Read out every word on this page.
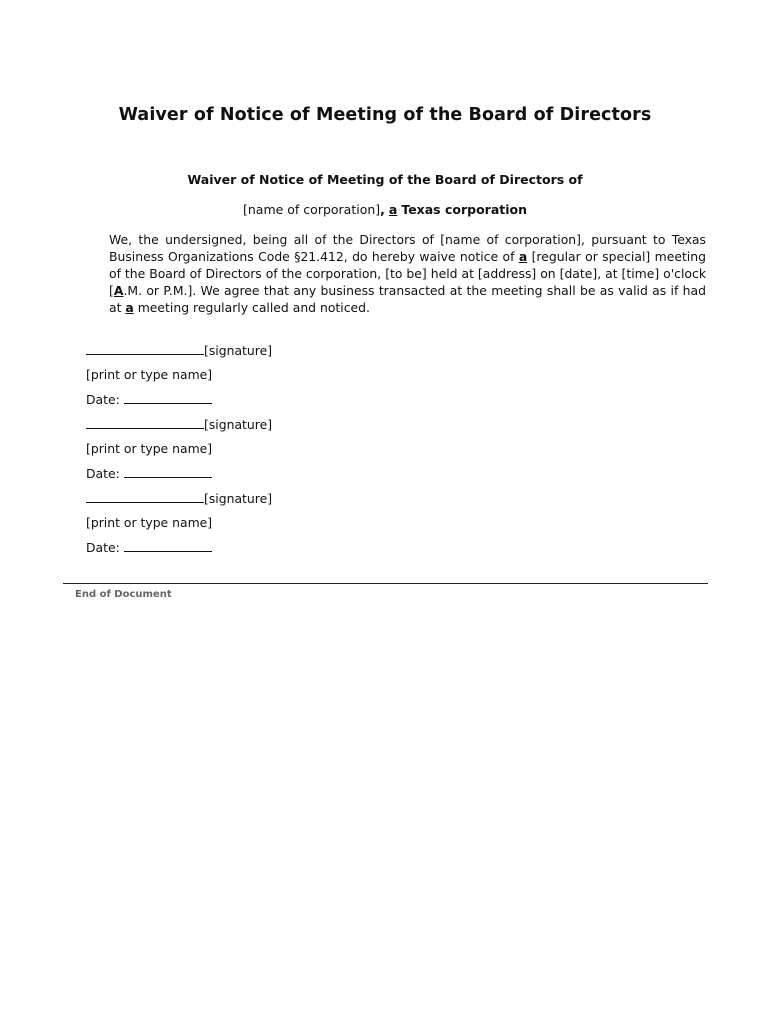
Waiver of Notice of Meeting of the Board of Directors
Waiver of Notice of Meeting of the Board of Directors of
[name of corporation], a Texas corporation
We, the undersigned, being all of the Directors of [name of corporation], pursuant to Texas Business Organizations Code §21.412, do hereby waive notice of a [regular or special] meeting of the Board of Directors of the corporation, [to be] held at [address] on [date], at [time] o'clock [A.M. or P.M.]. We agree that any business transacted at the meeting shall be as valid as if had at a meeting regularly called and noticed.
[signature]
[print or type name]
Date:
[signature]
[print or type name]
Date:
[signature]
[print or type name]
Date:
End of Document
